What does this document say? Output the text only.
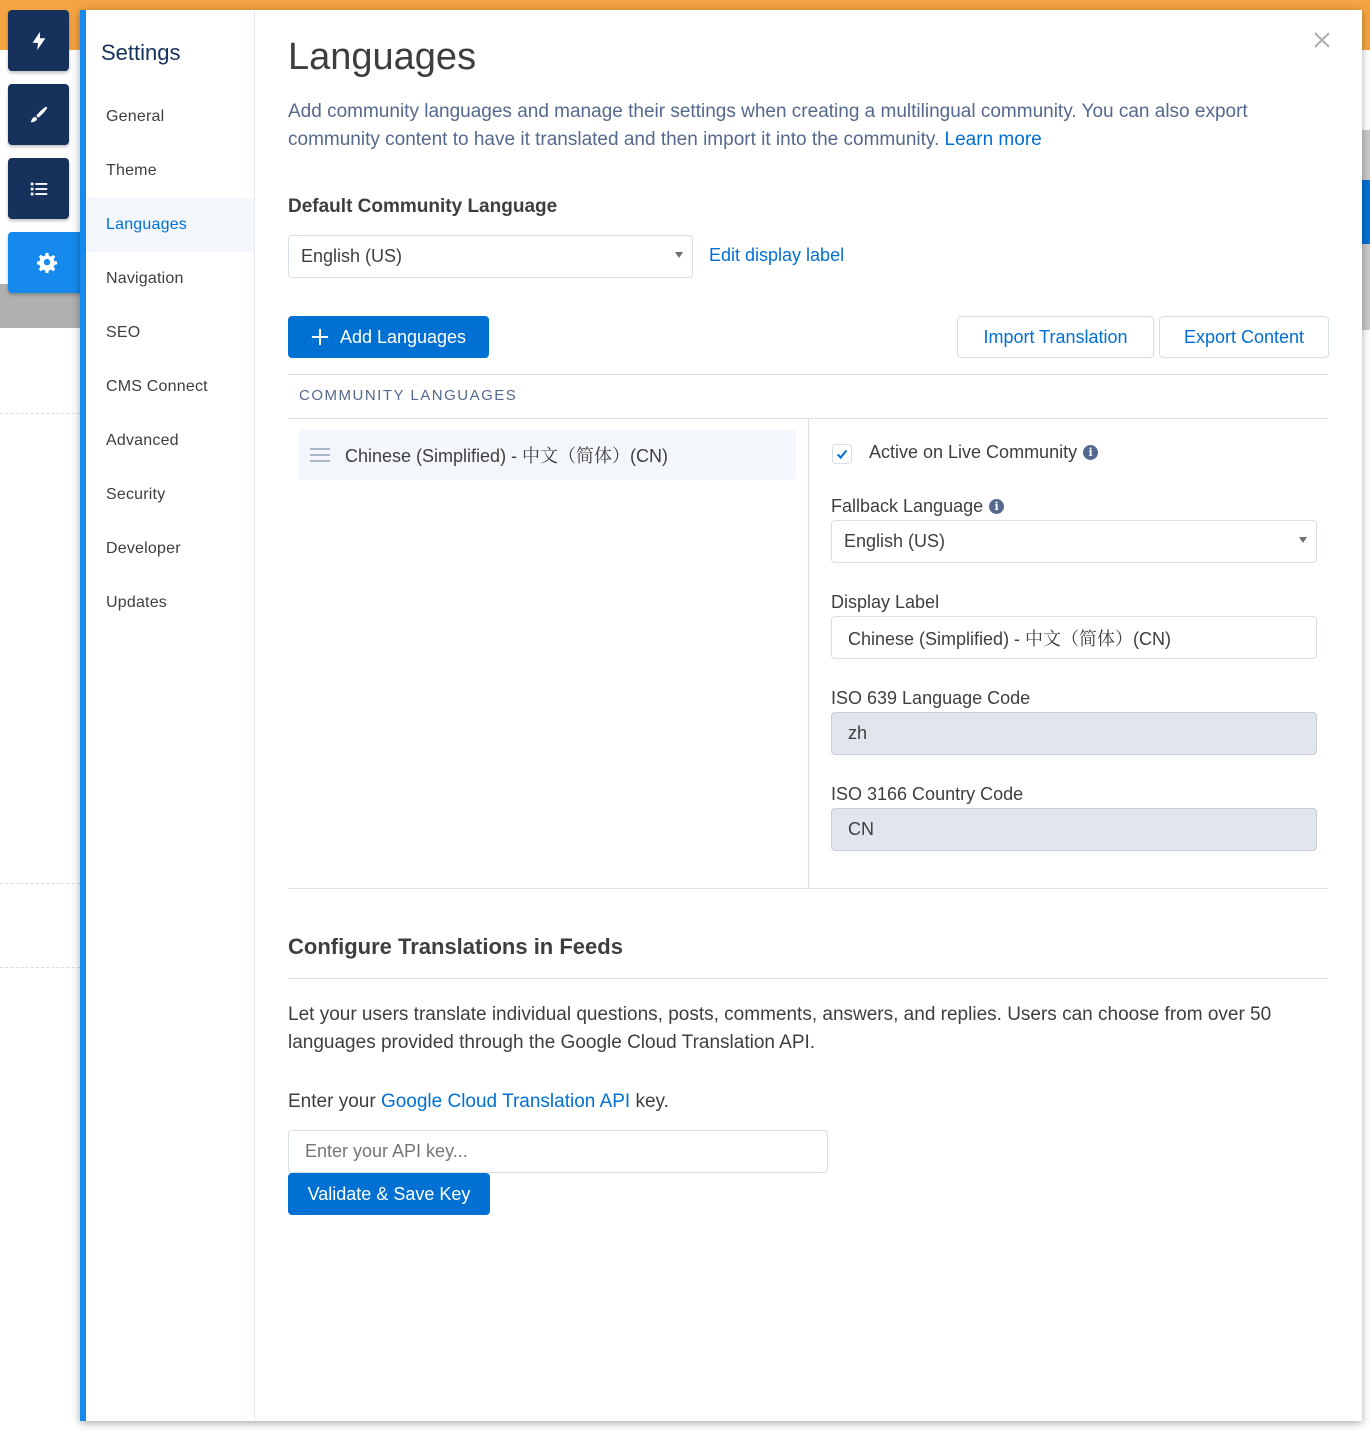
Settings
General
Theme
Languages
Navigation
SEO
CMS Connect
Advanced
Security
Developer
Updates
Languages
Add community languages and manage their settings when creating a multilingual community. You can also export community content to have it translated and then import it into the community. Learn more
Default Community Language
English (US)	Edit display label
Add Languages	Import Translation	Export Content
COMMUNITY LANGUAGES
Chinese (Simplified) - 中文（简体）(CN)	Active on Live Community	i
Fallback Language	i
English (US)
Display Label
Chinese (Simplified) - 中文（简体）(CN)
ISO 639 Language Code
zh
ISO 3166 Country Code
CN
Configure Translations in Feeds
Let your users translate individual questions, posts, comments, answers, and replies. Users can choose from over 50 languages provided through the Google Cloud Translation API.
Enter your Google Cloud Translation API key.
Enter your API key...
Validate & Save Key
